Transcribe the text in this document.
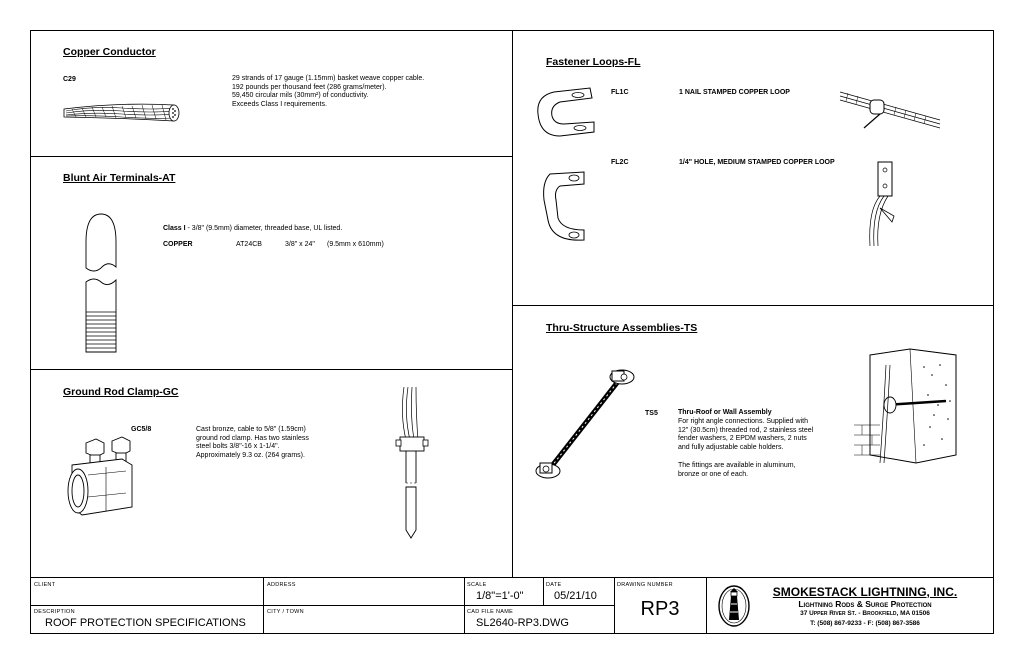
Copper Conductor
C29	29 strands of 17 gauge (1.15mm) basket weave copper cable.
192 pounds per thousand feet (286 grams/meter).
59,450 circular mils (30mm²) of conductivity.
Exceeds Class I requirements.
Blunt Air Terminals-AT
Class I - 3/8" (9.5mm) diameter, threaded base, UL listed.
COPPER	AT24CB	3/8" x 24" (9.5mm x 610mm)
Ground Rod Clamp-GC
GC5/8	Cast bronze, cable to 5/8" (1.59cm)
ground rod clamp. Has two stainless
steel bolts 3/8"-16 x 1-1/4".
Approximately 9.3 oz. (264 grams).
Fastener Loops-FL
FL1C	1 NAIL STAMPED COPPER LOOP
FL2C	1/4" HOLE, MEDIUM STAMPED COPPER LOOP
Thru-Structure Assemblies-TS
TS5	Thru-Roof or Wall Assembly
For right angle connections. Supplied with
12" (30.5cm) threaded rod, 2 stainless steel
fender washers, 2 EPDM washers, 2 nuts
and fully adjustable cable holders.
The fittings are available in aluminum,
bronze or one of each.
CLIENT	ADDRESS	SCALE
1/8"=1'-0"
DATE
05/21/10
DRAWING NUMBER
RP3
DESCRIPTION
ROOF PROTECTION SPECIFICATIONS
CITY / TOWN	CAD FILE NAME
SL2640-RP3.DWG
SMOKESTACK LIGHTNING, INC.
Lightning Rods & Surge Protection
37 Upper River St. - Brookfield, MA 01506
T: (508) 867-9233 - F: (508) 867-3586
